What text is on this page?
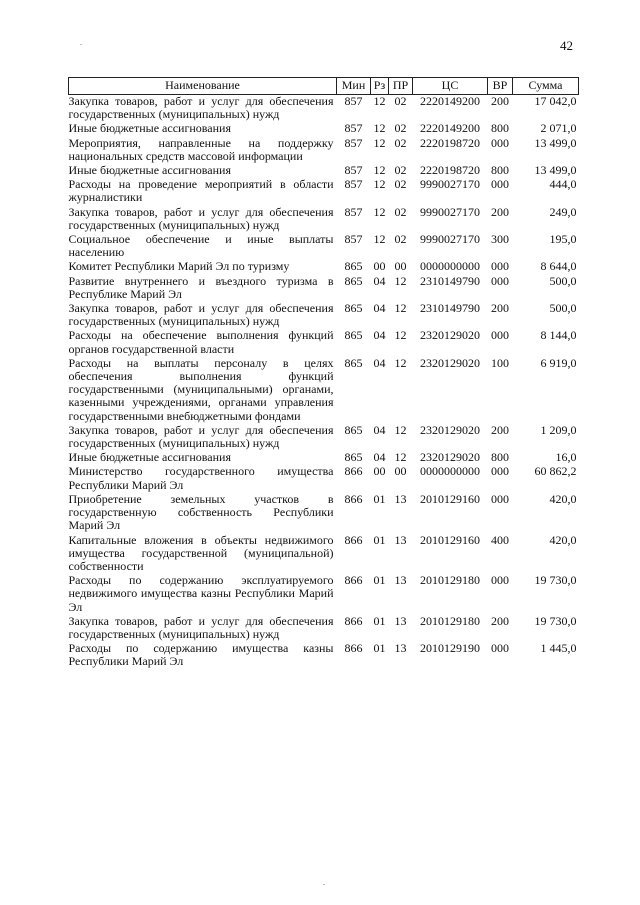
42
Наименование	Мин	Рз	ПР	ЦС	ВР	Сумма
Закупка товаров, работ и услуг для обеспечения государственных (муниципальных) нужд	857	12	02	2220149200	200	17 042,0
Иные бюджетные ассигнования	857	12	02	2220149200	800	2 071,0
Мероприятия, направленные на поддержку национальных средств массовой информации	857	12	02	2220198720	000	13 499,0
Иные бюджетные ассигнования	857	12	02	2220198720	800	13 499,0
Расходы на проведение мероприятий в области журналистики	857	12	02	9990027170	000	444,0
Закупка товаров, работ и услуг для обеспечения государственных (муниципальных) нужд	857	12	02	9990027170	200	249,0
Социальное обеспечение и иные выплаты населению	857	12	02	9990027170	300	195,0
Комитет Республики Марий Эл по туризму	865	00	00	0000000000	000	8 644,0
Развитие внутреннего и въездного туризма в Республике Марий Эл	865	04	12	2310149790	000	500,0
Закупка товаров, работ и услуг для обеспечения государственных (муниципальных) нужд	865	04	12	2310149790	200	500,0
Расходы на обеспечение выполнения функций органов государственной власти	865	04	12	2320129020	000	8 144,0
Расходы на выплаты персоналу в целях обеспечения выполнения функций государственными (муниципальными) органами, казенными учреждениями, органами управления государственными внебюджетными фондами	865	04	12	2320129020	100	6 919,0
Закупка товаров, работ и услуг для обеспечения государственных (муниципальных) нужд	865	04	12	2320129020	200	1 209,0
Иные бюджетные ассигнования	865	04	12	2320129020	800	16,0
Министерство государственного имущества Республики Марий Эл	866	00	00	0000000000	000	60 862,2
Приобретение земельных участков в государственную собственность Республики Марий Эл	866	01	13	2010129160	000	420,0
Капитальные вложения в объекты недвижимого имущества государственной (муниципальной) собственности	866	01	13	2010129160	400	420,0
Расходы по содержанию эксплуатируемого недвижимого имущества казны Республики Марий Эл	866	01	13	2010129180	000	19 730,0
Закупка товаров, работ и услуг для обеспечения государственных (муниципальных) нужд	866	01	13	2010129180	200	19 730,0
Расходы по содержанию имущества казны Республики Марий Эл	866	01	13	2010129190	000	1 445,0
